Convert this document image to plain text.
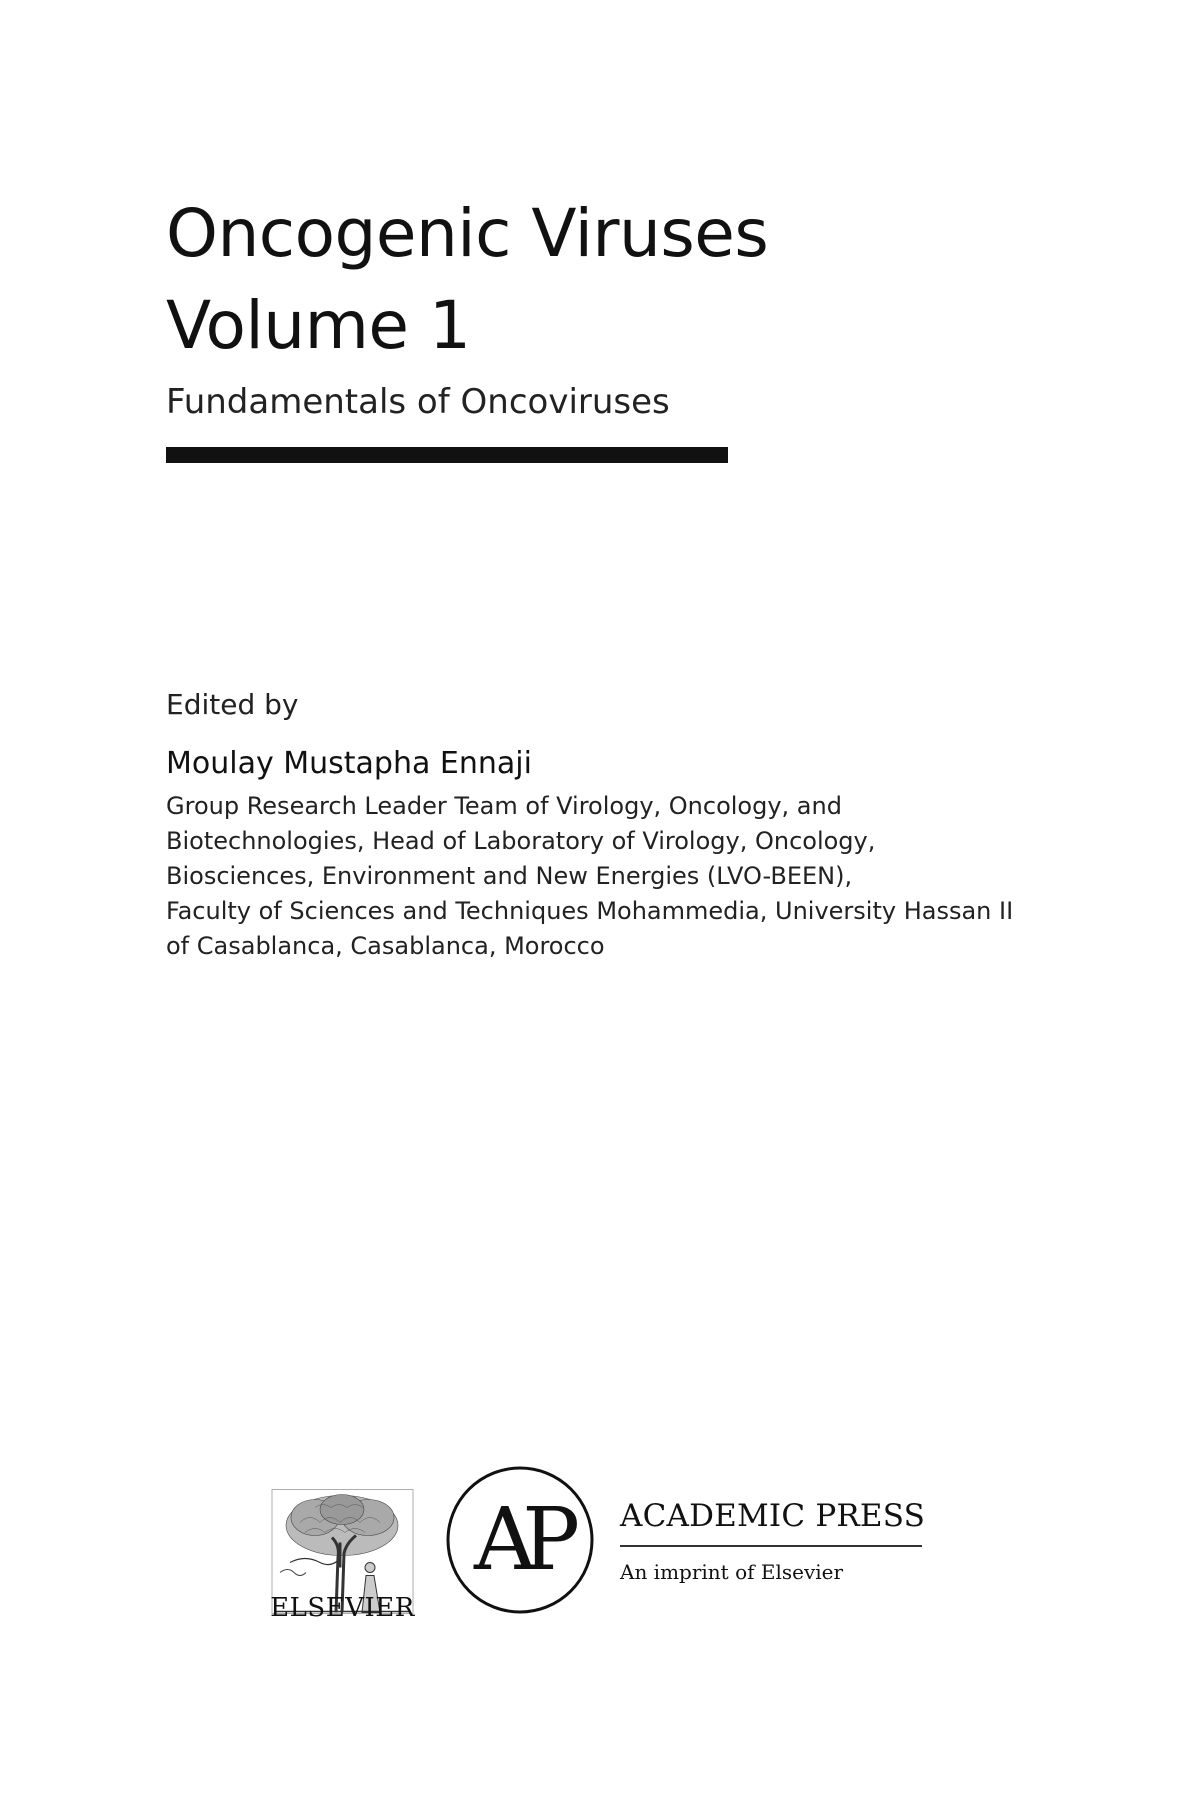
Oncogenic Viruses
Volume 1

Fundamentals of Oncoviruses

Edited by
Moulay Mustapha Ennaji
Group Research Leader Team of Virology, Oncology, and
Biotechnologies, Head of Laboratory of Virology, Oncology,
Biosciences, Environment and New Energies (LVO-BEEN),
Faculty of Sciences and Techniques Mohammedia, University Hassan II
of Casablanca, Casablanca, Morocco
ELSEVIER
AP	ACADEMIC PRESS
An imprint of Elsevier
